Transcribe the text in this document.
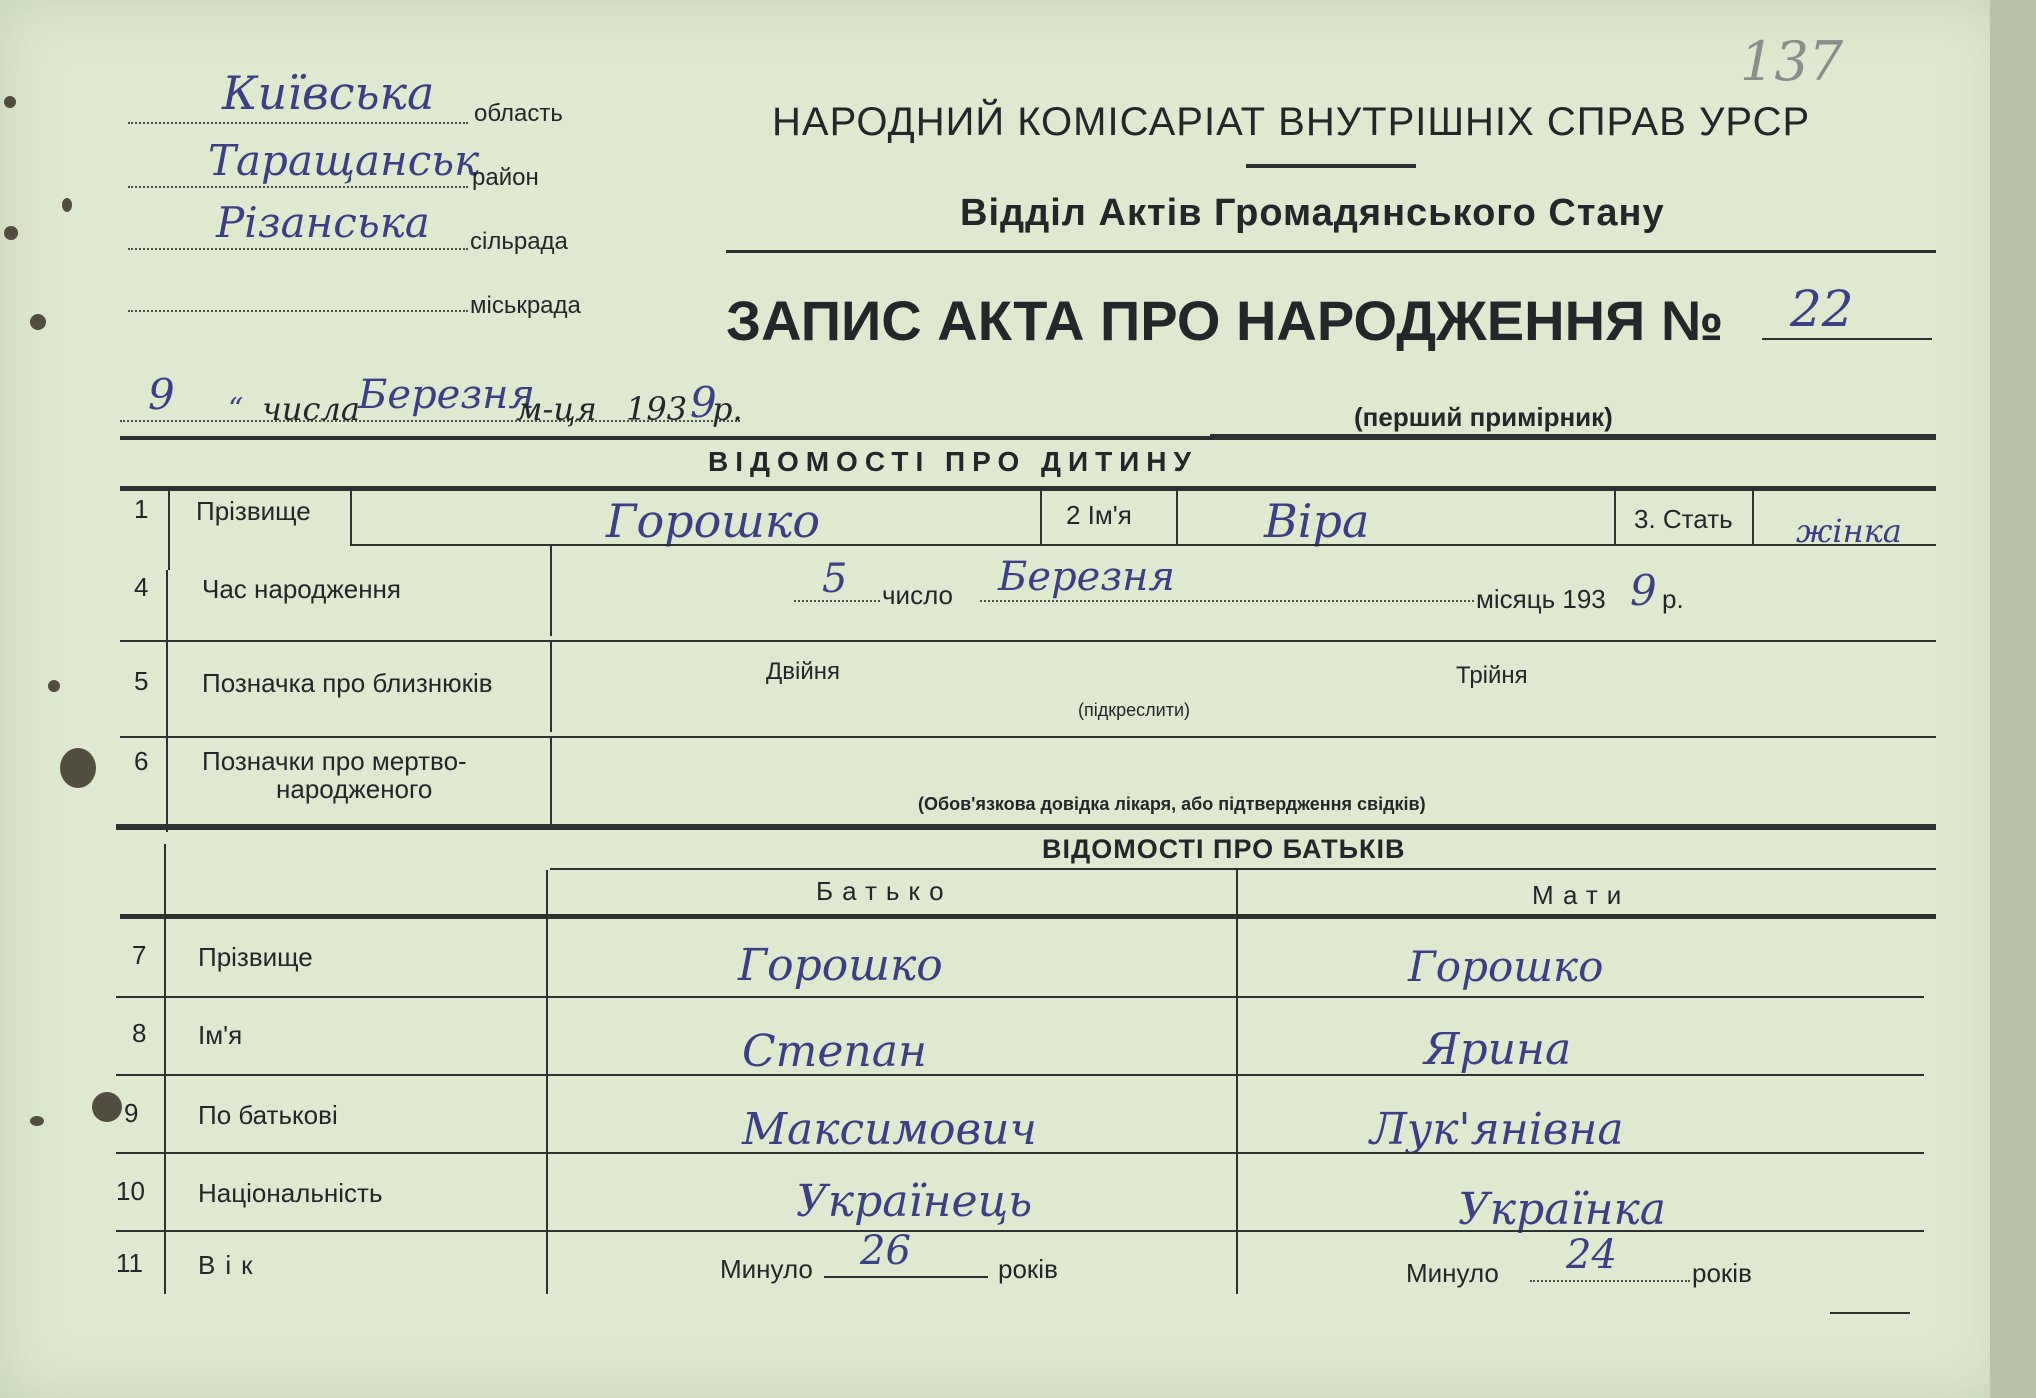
137
Київська область
Таращанськ
район
Різанська сільрада
міськрада
НАРОДНИЙ КОМІСАРІАТ ВНУТРІШНІХ СПРАВ УРСР
Відділ Актів Громадянського Стану
ЗАПИС АКТА ПРО НАРОДЖЕННЯ № 22
9 “ числа
Березня
м-ця 193 9
р.	(перший примірник)
ВІДОМОСТІ ПРО ДИТИНУ
1 Прізвище	Горошко	2 Ім'я	Віра	3. Стать жінка
4 Час народження	5 число Березня	місяць 193 9 р.
5 Позначка про близнюків	Двійня	Трійня
(підкреслити)
6 Позначки про мертво-
народженого	(Обов'язкова довідка лікаря, або підтвердження свідків)
ВІДОМОСТІ ПРО БАТЬКІВ
Батько	Мати
7 Прізвище	Горошко	Горошко
8 Ім'я	Степан	Ярина
9 По батькові	Максимович	Лук'янівна
10 Національність	Українець	Українка
11 Вік	Минуло 26	років	Минуло 24	років
